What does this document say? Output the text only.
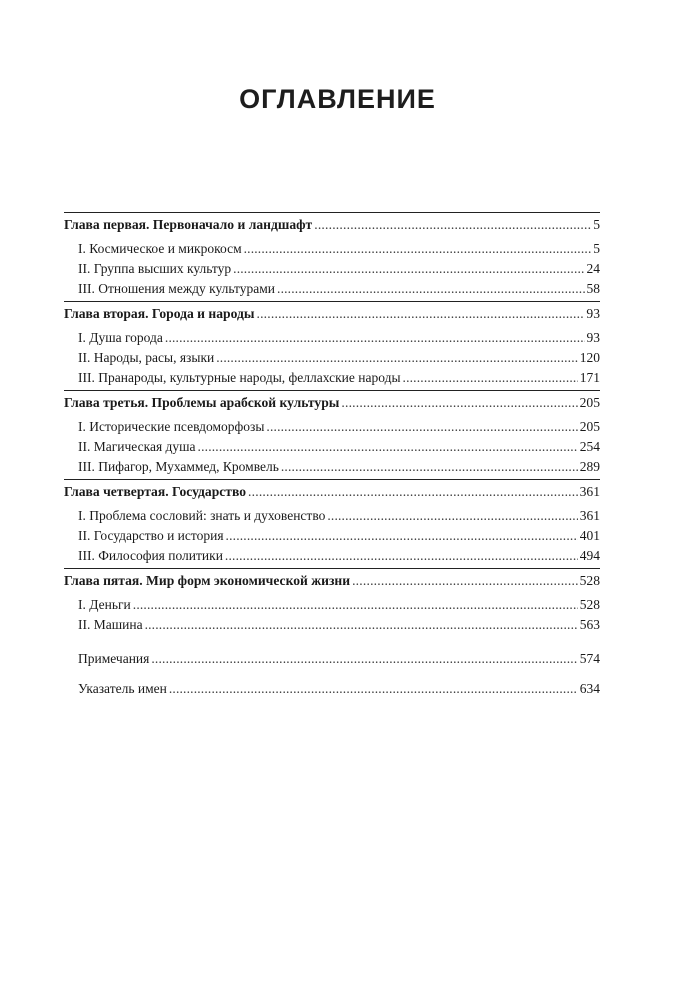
ОГЛАВЛЕНИЕ
Глава первая. Первоначало и ландшафт . . .	5
I. Космическое и микрокосм . . .	5
II. Группа высших культур . . .	24
III. Отношения между культурами . . .	58
Глава вторая. Города и народы . . .	93
I. Душа города . . .	93
II. Народы, расы, языки . . .	120
III. Пранароды, культурные народы, феллахские народы . . .	171
Глава третья. Проблемы арабской культуры . . .	205
I. Исторические псевдоморфозы . . .	205
II. Магическая душа . . .	254
III. Пифагор, Мухаммед, Кромвель . . .	289
Глава четвертая. Государство . . .	361
I. Проблема сословий: знать и духовенство . . .	361
II. Государство и история . . .	401
III. Философия политики . . .	494
Глава пятая. Мир форм экономической жизни . . .	528
I. Деньги . . .	528
II. Машина . . .	563
Примечания . . .	574
Указатель имен . . .	634
